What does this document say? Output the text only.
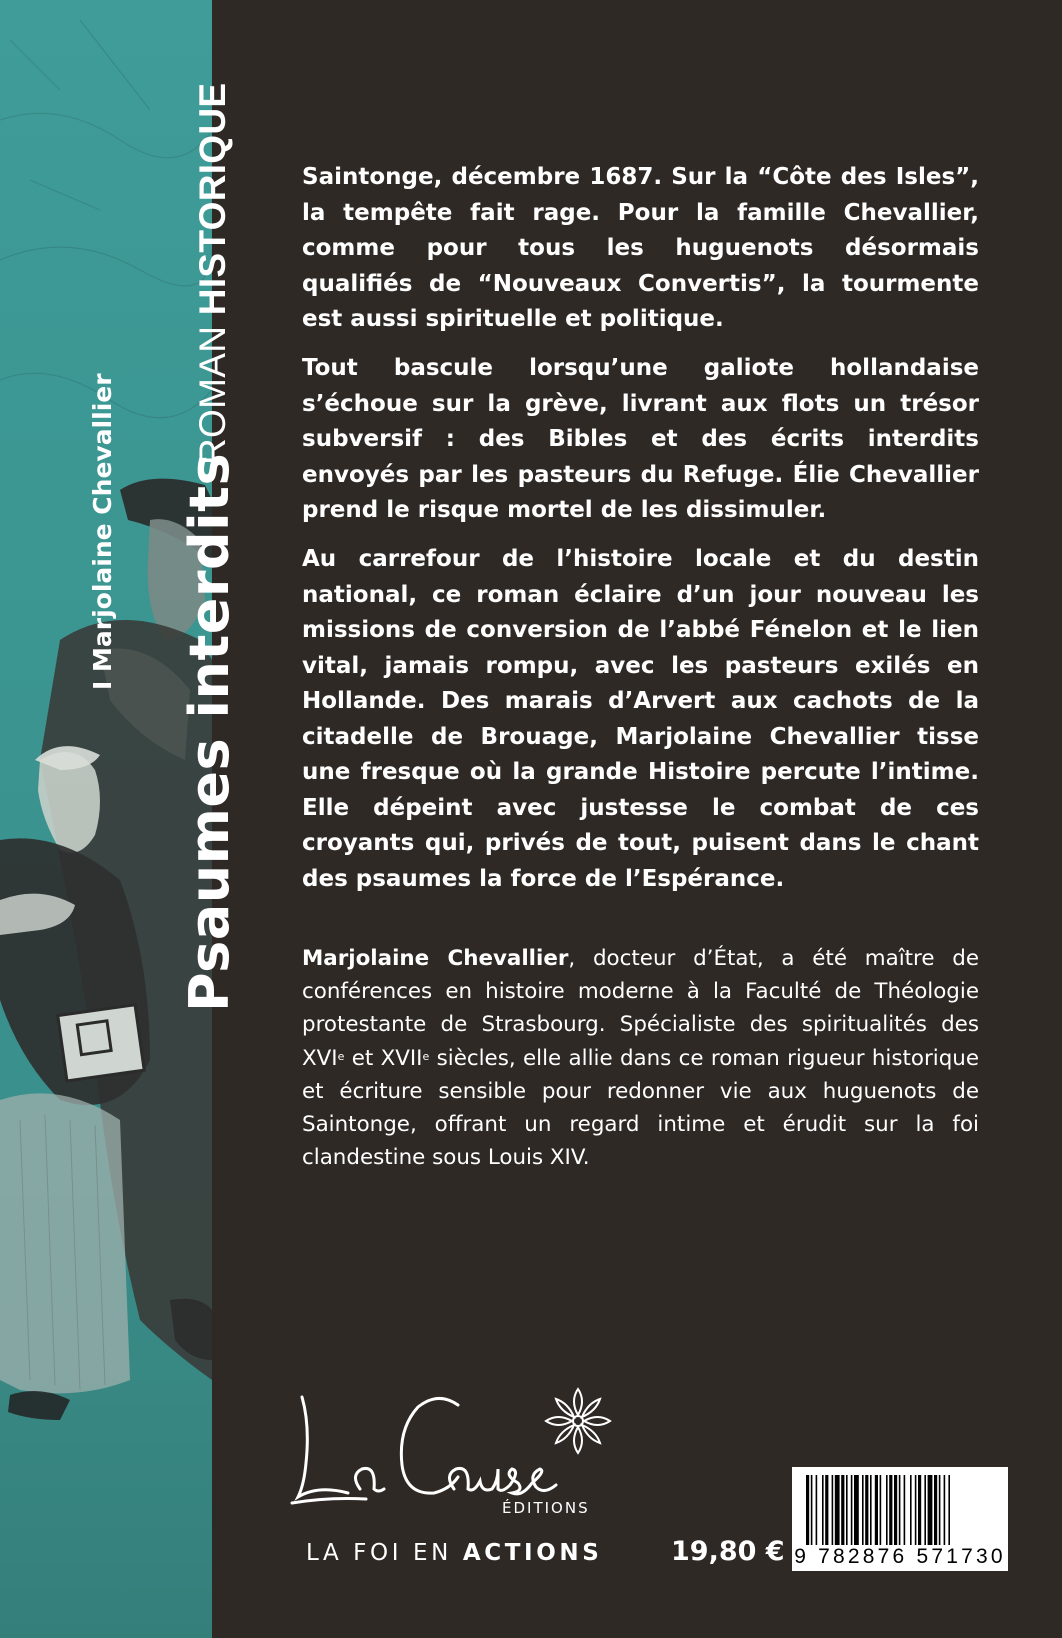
Psaumes interdits
I Marjolaine Chevallier ROMAN HISTORIQUE	Saintonge, décembre 1687. Sur la “Côte des Isles”, la tempête fait rage. Pour la famille Chevallier, comme pour tous les huguenots désormais qualifiés de “Nouveaux Convertis”, la tourmente est aussi spirituelle et politique.

Tout bascule lorsqu’une galiote hollandaise s’échoue sur la grève, livrant aux flots un trésor subversif : des Bibles et des écrits interdits envoyés par les pasteurs du Refuge. Élie Chevallier prend le risque mortel de les dissimuler.

Au carrefour de l’histoire locale et du destin national, ce roman éclaire d’un jour nouveau les missions de conversion de l’abbé Fénelon et le lien vital, jamais rompu, avec les pasteurs exilés en Hollande. Des marais d’Arvert aux cachots de la citadelle de Brouage, Marjolaine Chevallier tisse une fresque où la grande Histoire percute l’intime. Elle dépeint avec justesse le combat de ces croyants qui, privés de tout, puisent dans le chant des psaumes la force de l’Espérance.

Marjolaine Chevallier, docteur d’État, a été maître de conférences en histoire moderne à la Faculté de Théologie protestante de Strasbourg. Spécialiste des spiritualités des XVIe et XVIIe siècles, elle allie dans ce roman rigueur historique et écriture sensible pour redonner vie aux huguenots de Saintonge, offrant un regard intime et érudit sur la foi clandestine sous Louis XIV.
ÉDITIONS
LA FOI EN ACTIONS	19,80 € 9 782876 571730
